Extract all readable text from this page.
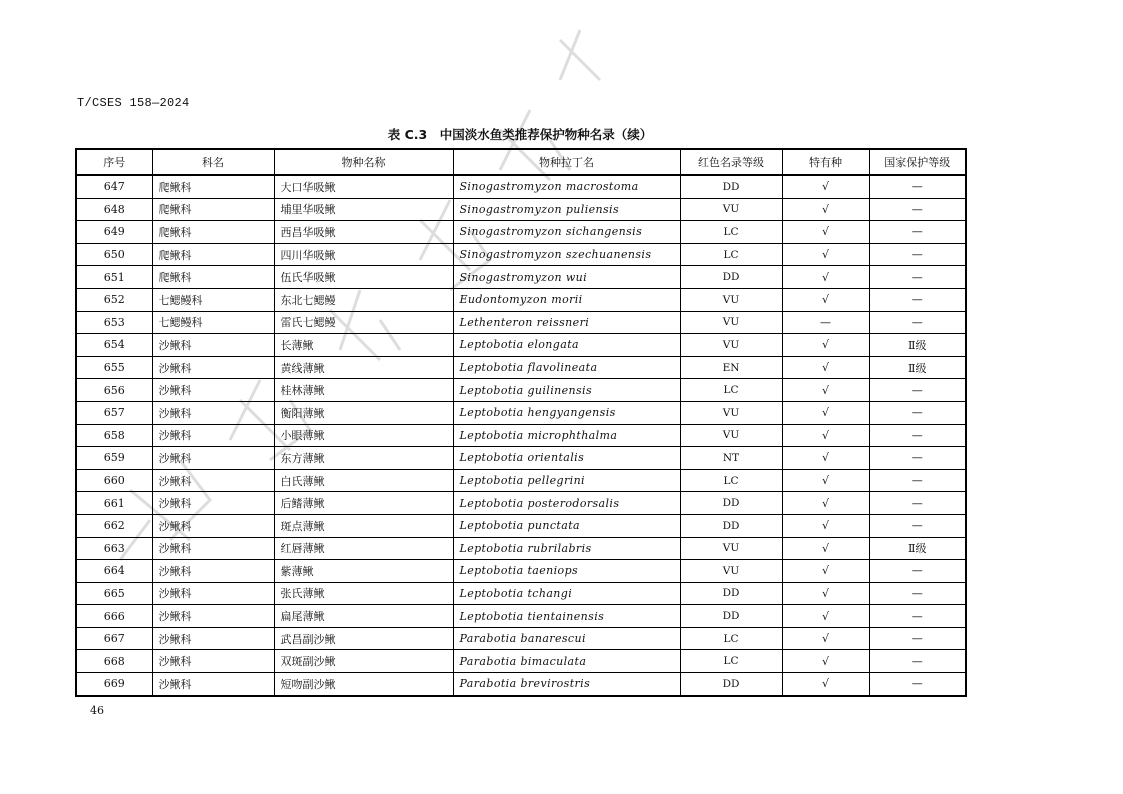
T/CSES 158—2024
表 C.3　中国淡水鱼类推荐保护物种名录（续）
序号	科名	物种名称	物种拉丁名	红色名录等级	特有种	国家保护等级
647	爬鳅科	大口华吸鳅	Sinogastromyzon macrostoma	DD	√	—
648	爬鳅科	埔里华吸鳅	Sinogastromyzon puliensis	VU	√	—
649	爬鳅科	西昌华吸鳅	Sinogastromyzon sichangensis	LC	√	—
650	爬鳅科	四川华吸鳅	Sinogastromyzon szechuanensis	LC	√	—
651	爬鳅科	伍氏华吸鳅	Sinogastromyzon wui	DD	√	—
652	七鳃鳗科	东北七鳃鳗	Eudontomyzon morii	VU	√	—
653	七鳃鳗科	雷氏七鳃鳗	Lethenteron reissneri	VU	—	—
654	沙鳅科	长薄鳅	Leptobotia elongata	VU	√	Ⅱ级
655	沙鳅科	黄线薄鳅	Leptobotia flavolineata	EN	√	Ⅱ级
656	沙鳅科	桂林薄鳅	Leptobotia guilinensis	LC	√	—
657	沙鳅科	衡阳薄鳅	Leptobotia hengyangensis	VU	√	—
658	沙鳅科	小眼薄鳅	Leptobotia microphthalma	VU	√	—
659	沙鳅科	东方薄鳅	Leptobotia orientalis	NT	√	—
660	沙鳅科	白氏薄鳅	Leptobotia pellegrini	LC	√	—
661	沙鳅科	后鳍薄鳅	Leptobotia posterodorsalis	DD	√	—
662	沙鳅科	斑点薄鳅	Leptobotia punctata	DD	√	—
663	沙鳅科	红唇薄鳅	Leptobotia rubrilabris	VU	√	Ⅱ级
664	沙鳅科	紫薄鳅	Leptobotia taeniops	VU	√	—
665	沙鳅科	张氏薄鳅	Leptobotia tchangi	DD	√	—
666	沙鳅科	扁尾薄鳅	Leptobotia tientainensis	DD	√	—
667	沙鳅科	武昌副沙鳅	Parabotia banarescui	LC	√	—
668	沙鳅科	双斑副沙鳅	Parabotia bimaculata	LC	√	—
669	沙鳅科	短吻副沙鳅	Parabotia brevirostris	DD	√	—
46
